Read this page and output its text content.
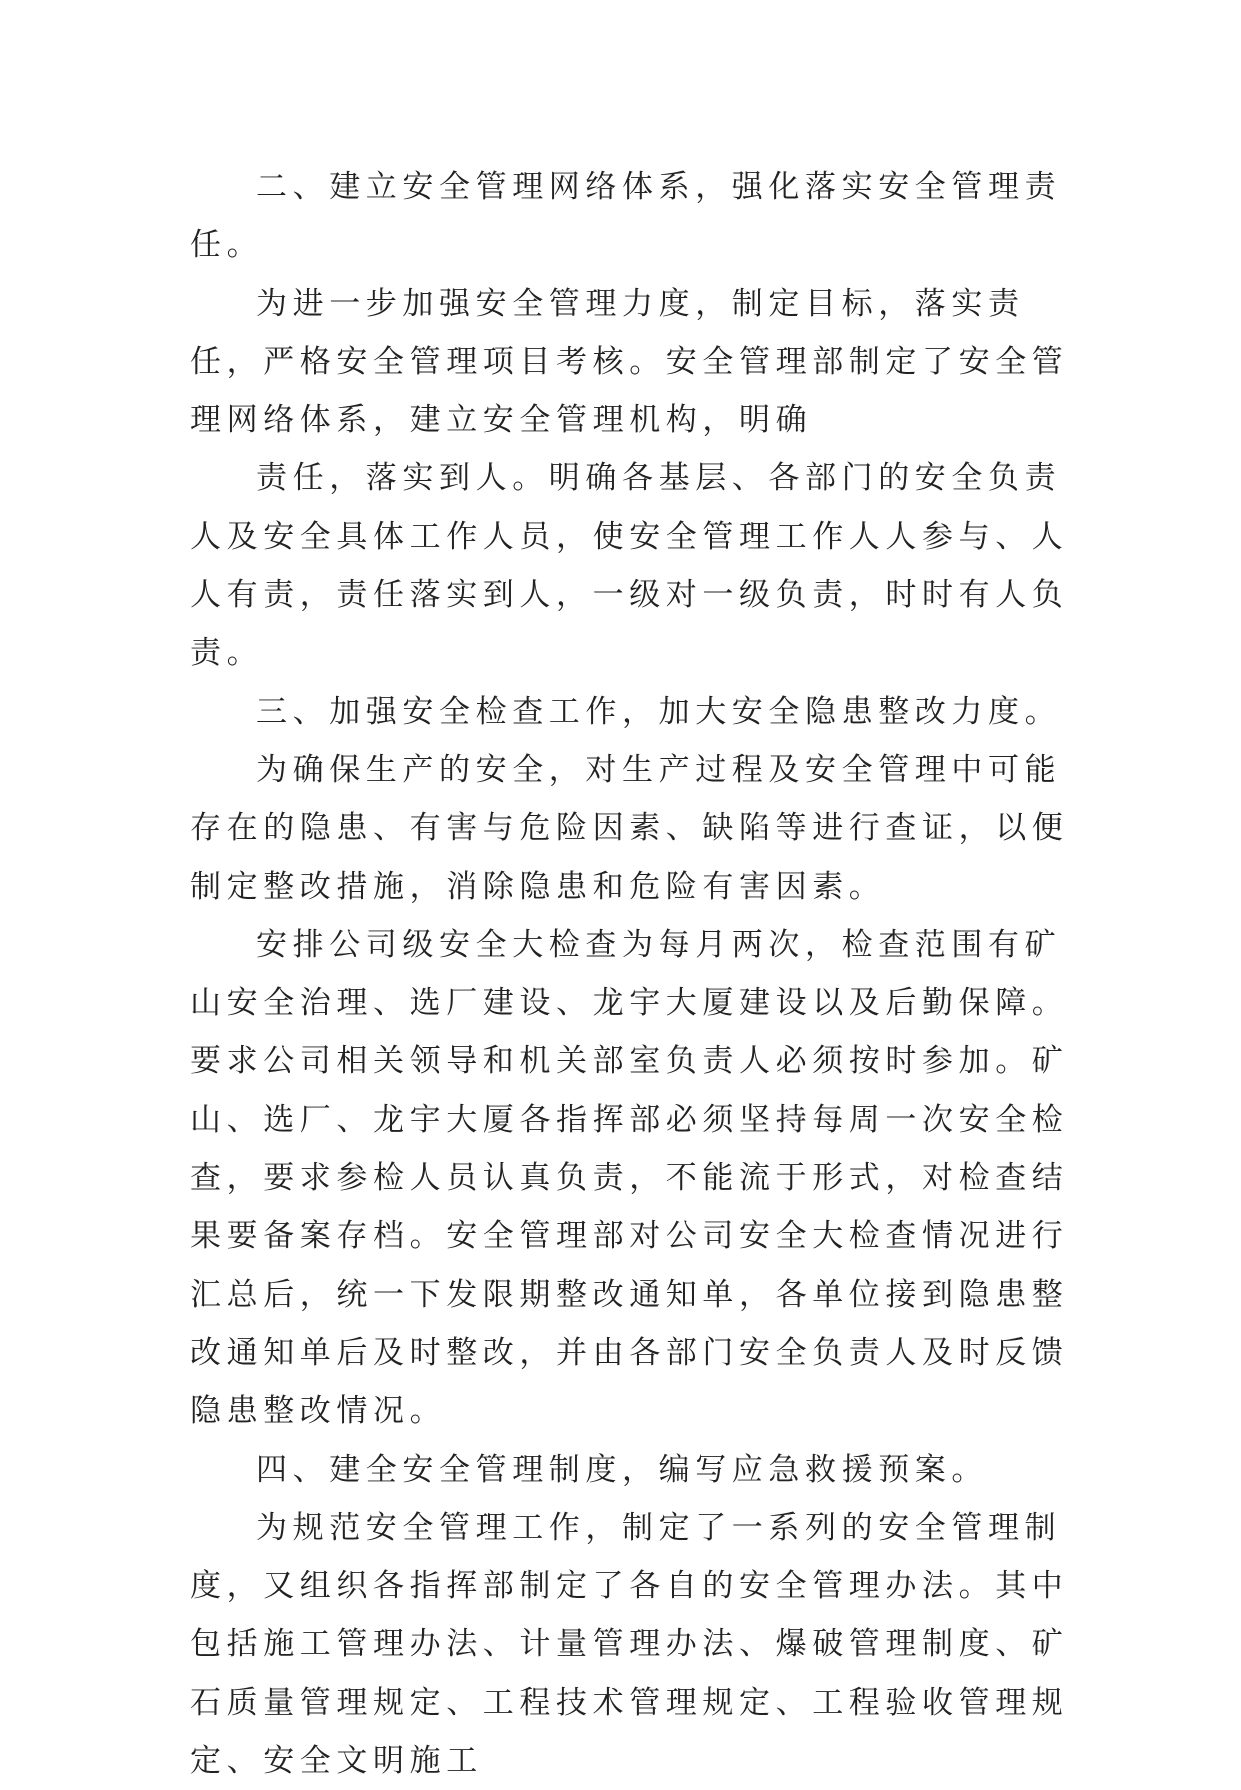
二、建立安全管理网络体系，强化落实安全管理责任。

为进一步加强安全管理力度，制定目标，落实责任，严格安全管理项目考核。安全管理部制定了安全管理网络体系，建立安全管理机构，明确

责任，落实到人。明确各基层、各部门的安全负责人及安全具体工作人员，使安全管理工作人人参与、人人有责，责任落实到人，一级对一级负责，时时有人负责。

三、加强安全检查工作，加大安全隐患整改力度。

为确保生产的安全，对生产过程及安全管理中可能存在的隐患、有害与危险因素、缺陷等进行查证，以便制定整改措施，消除隐患和危险有害因素。

安排公司级安全大检查为每月两次，检查范围有矿山安全治理、选厂建设、龙宇大厦建设以及后勤保障。要求公司相关领导和机关部室负责人必须按时参加。矿山、选厂、龙宇大厦各指挥部必须坚持每周一次安全检查，要求参检人员认真负责，不能流于形式，对检查结果要备案存档。安全管理部对公司安全大检查情况进行汇总后，统一下发限期整改通知单，各单位接到隐患整改通知单后及时整改，并由各部门安全负责人及时反馈隐患整改情况。

四、建全安全管理制度，编写应急救援预案。

为规范安全管理工作，制定了一系列的安全管理制度，又组织各指挥部制定了各自的安全管理办法。其中包括施工管理办法、计量管理办法、爆破管理制度、矿石质量管理规定、工程技术管理规定、工程验收管理规定、安全文明施工
